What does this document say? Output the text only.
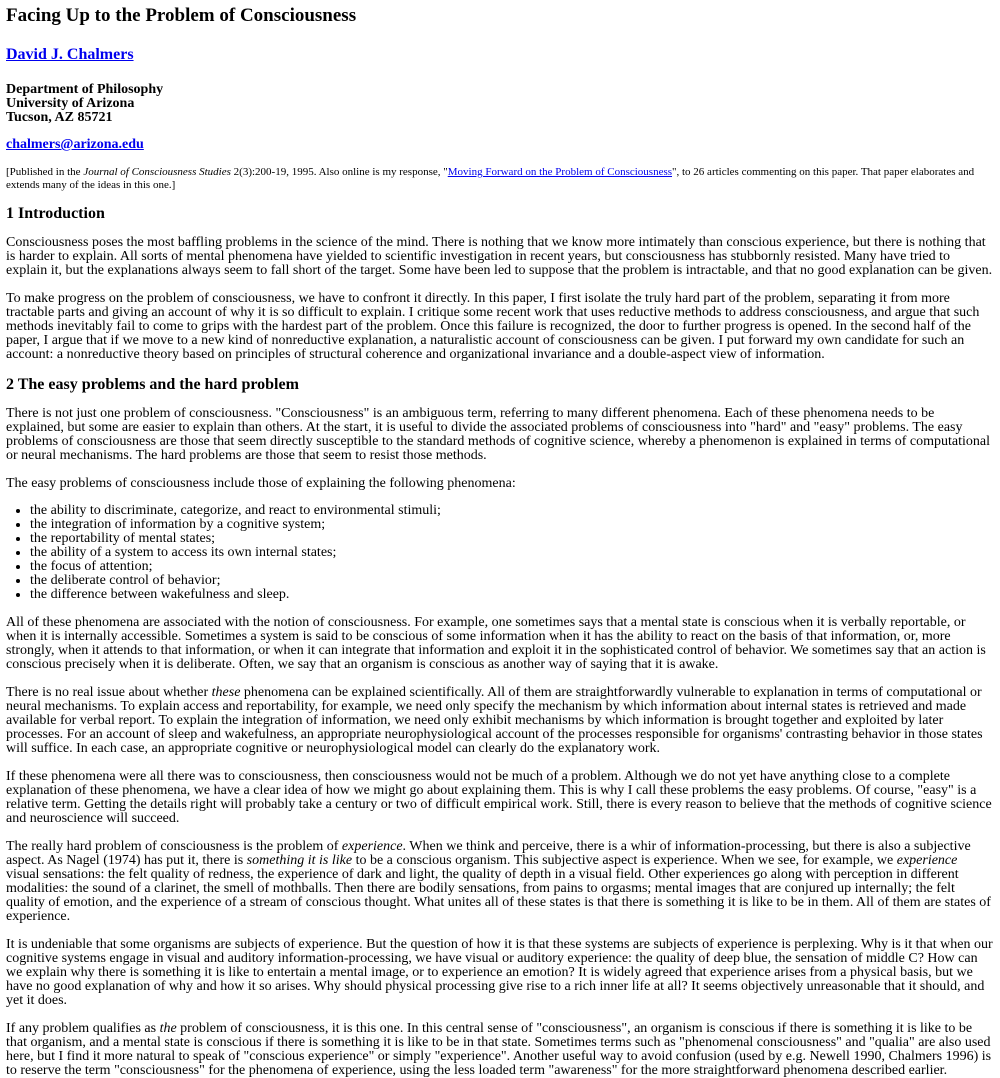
Facing Up to the Problem of Consciousness
David J. Chalmers
Department of Philosophy
University of Arizona
Tucson, AZ 85721
chalmers@arizona.edu
[Published in the Journal of Consciousness Studies 2(3):200-19, 1995. Also online is my response, "Moving Forward on the Problem of Consciousness", to 26 articles commenting on this paper. That paper elaborates and extends many of the ideas in this one.]
1 Introduction

Consciousness poses the most baffling problems in the science of the mind. There is nothing that we know more intimately than conscious experience, but there is nothing that is harder to explain. All sorts of mental phenomena have yielded to scientific investigation in recent years, but consciousness has stubbornly resisted. Many have tried to explain it, but the explanations always seem to fall short of the target. Some have been led to suppose that the problem is intractable, and that no good explanation can be given.

To make progress on the problem of consciousness, we have to confront it directly. In this paper, I first isolate the truly hard part of the problem, separating it from more tractable parts and giving an account of why it is so difficult to explain. I critique some recent work that uses reductive methods to address consciousness, and argue that such methods inevitably fail to come to grips with the hardest part of the problem. Once this failure is recognized, the door to further progress is opened. In the second half of the paper, I argue that if we move to a new kind of nonreductive explanation, a naturalistic account of consciousness can be given. I put forward my own candidate for such an account: a nonreductive theory based on principles of structural coherence and organizational invariance and a double-aspect view of information.

2 The easy problems and the hard problem

There is not just one problem of consciousness. "Consciousness" is an ambiguous term, referring to many different phenomena. Each of these phenomena needs to be explained, but some are easier to explain than others. At the start, it is useful to divide the associated problems of consciousness into "hard" and "easy" problems. The easy problems of consciousness are those that seem directly susceptible to the standard methods of cognitive science, whereby a phenomenon is explained in terms of computational or neural mechanisms. The hard problems are those that seem to resist those methods.

The easy problems of consciousness include those of explaining the following phenomena:

• the ability to discriminate, categorize, and react to environmental stimuli;
• the integration of information by a cognitive system;
• the reportability of mental states;
• the ability of a system to access its own internal states;
• the focus of attention;
• the deliberate control of behavior;
• the difference between wakefulness and sleep.

All of these phenomena are associated with the notion of consciousness. For example, one sometimes says that a mental state is conscious when it is verbally reportable, or when it is internally accessible. Sometimes a system is said to be conscious of some information when it has the ability to react on the basis of that information, or, more strongly, when it attends to that information, or when it can integrate that information and exploit it in the sophisticated control of behavior. We sometimes say that an action is conscious precisely when it is deliberate. Often, we say that an organism is conscious as another way of saying that it is awake.

There is no real issue about whether these phenomena can be explained scientifically. All of them are straightforwardly vulnerable to explanation in terms of computational or neural mechanisms. To explain access and reportability, for example, we need only specify the mechanism by which information about internal states is retrieved and made available for verbal report. To explain the integration of information, we need only exhibit mechanisms by which information is brought together and exploited by later processes. For an account of sleep and wakefulness, an appropriate neurophysiological account of the processes responsible for organisms' contrasting behavior in those states will suffice. In each case, an appropriate cognitive or neurophysiological model can clearly do the explanatory work.

If these phenomena were all there was to consciousness, then consciousness would not be much of a problem. Although we do not yet have anything close to a complete explanation of these phenomena, we have a clear idea of how we might go about explaining them. This is why I call these problems the easy problems. Of course, "easy" is a relative term. Getting the details right will probably take a century or two of difficult empirical work. Still, there is every reason to believe that the methods of cognitive science and neuroscience will succeed.

The really hard problem of consciousness is the problem of experience. When we think and perceive, there is a whir of information-processing, but there is also a subjective aspect. As Nagel (1974) has put it, there is something it is like to be a conscious organism. This subjective aspect is experience. When we see, for example, we experience visual sensations: the felt quality of redness, the experience of dark and light, the quality of depth in a visual field. Other experiences go along with perception in different modalities: the sound of a clarinet, the smell of mothballs. Then there are bodily sensations, from pains to orgasms; mental images that are conjured up internally; the felt quality of emotion, and the experience of a stream of conscious thought. What unites all of these states is that there is something it is like to be in them. All of them are states of experience.

It is undeniable that some organisms are subjects of experience. But the question of how it is that these systems are subjects of experience is perplexing. Why is it that when our cognitive systems engage in visual and auditory information-processing, we have visual or auditory experience: the quality of deep blue, the sensation of middle C? How can we explain why there is something it is like to entertain a mental image, or to experience an emotion? It is widely agreed that experience arises from a physical basis, but we have no good explanation of why and how it so arises. Why should physical processing give rise to a rich inner life at all? It seems objectively unreasonable that it should, and yet it does.

If any problem qualifies as the problem of consciousness, it is this one. In this central sense of "consciousness", an organism is conscious if there is something it is like to be that organism, and a mental state is conscious if there is something it is like to be in that state. Sometimes terms such as "phenomenal consciousness" and "qualia" are also used here, but I find it more natural to speak of "conscious experience" or simply "experience". Another useful way to avoid confusion (used by e.g. Newell 1990, Chalmers 1996) is to reserve the term "consciousness" for the phenomena of experience, using the less loaded term "awareness" for the more straightforward phenomena described earlier.
